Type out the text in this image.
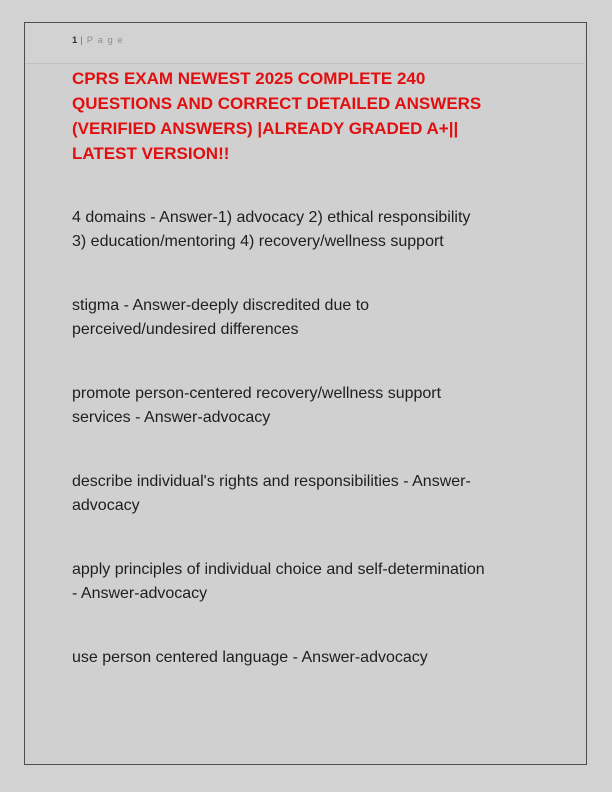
1 | P a g e
CPRS EXAM NEWEST 2025 COMPLETE 240
QUESTIONS AND CORRECT DETAILED ANSWERS
(VERIFIED ANSWERS) |ALREADY GRADED A+||
LATEST VERSION!!
4 domains - Answer-1) advocacy 2) ethical responsibility
3) education/mentoring 4) recovery/wellness support
stigma - Answer-deeply discredited due to
perceived/undesired differences
promote person-centered recovery/wellness support
services - Answer-advocacy
describe individual's rights and responsibilities - Answer-
advocacy
apply principles of individual choice and self-determination
- Answer-advocacy
use person centered language - Answer-advocacy
